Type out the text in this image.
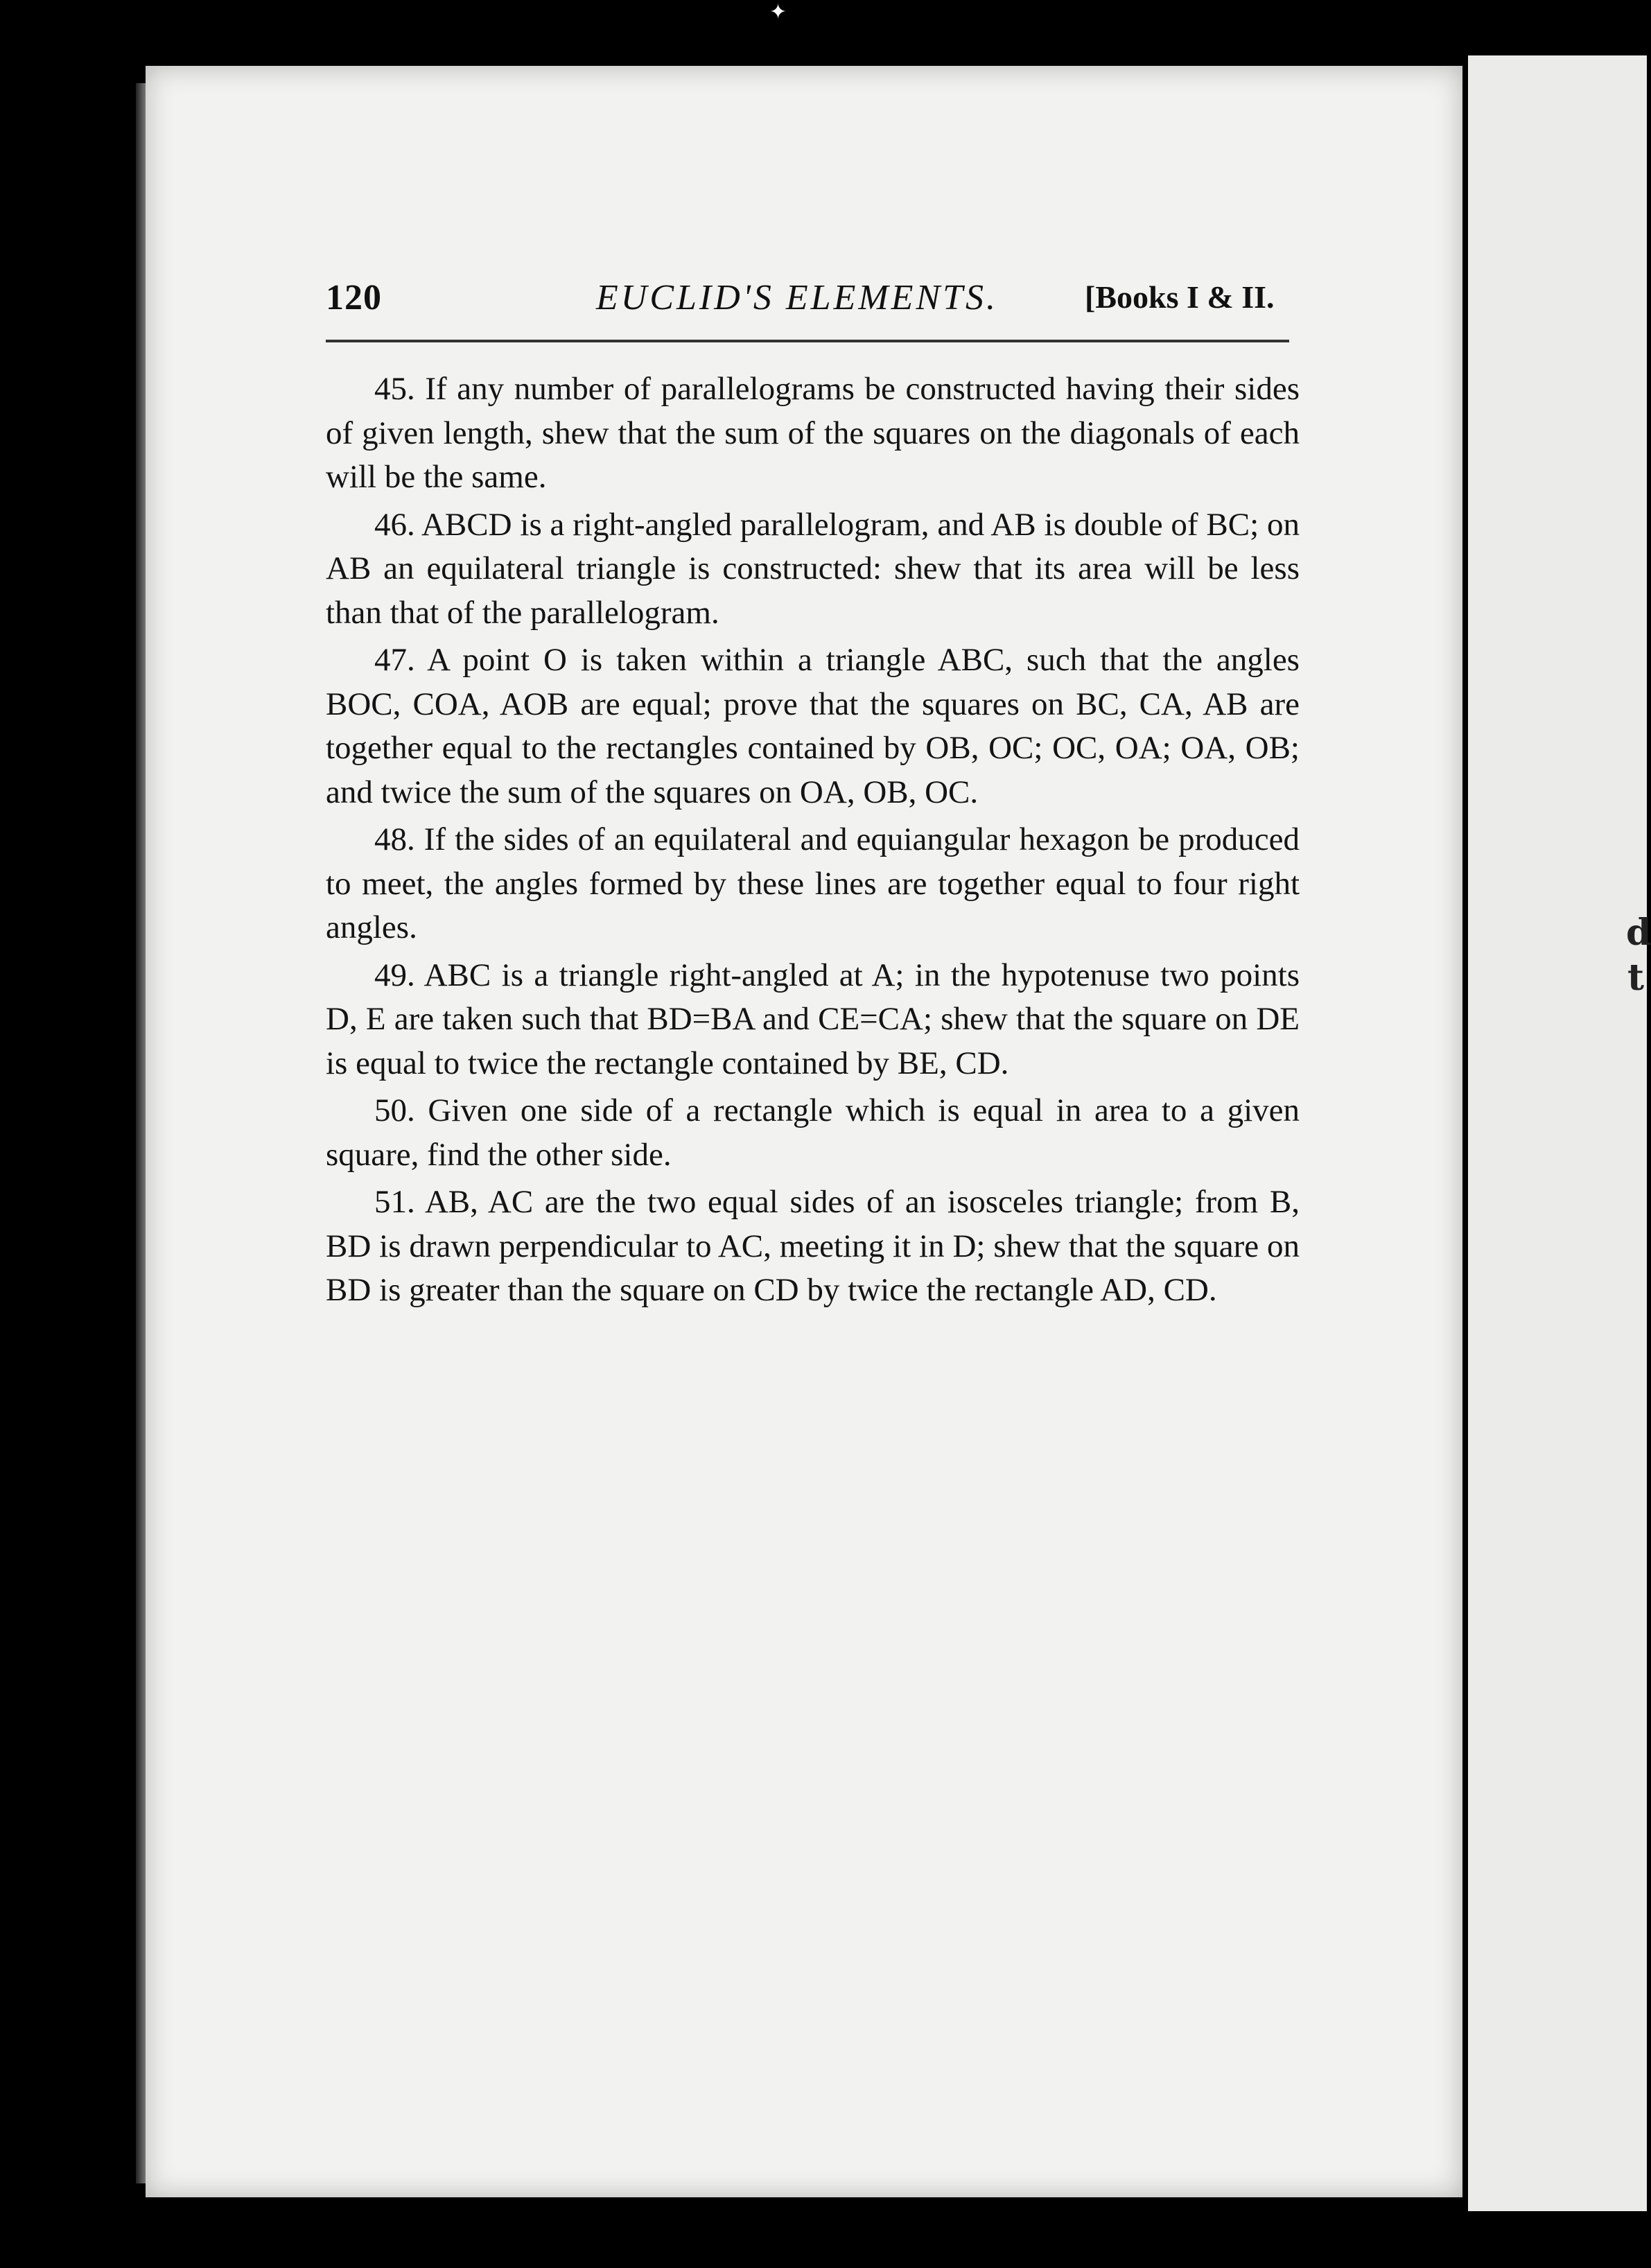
✦
d
t
120	EUCLID'S ELEMENTS.	[Books I & II.

45. If any number of parallelograms be constructed having their sides of given length, shew that the sum of the squares on the diagonals of each will be the same.

46. ABCD is a right-angled parallelogram, and AB is double of BC; on AB an equilateral triangle is constructed: shew that its area will be less than that of the parallelogram.

47. A point O is taken within a triangle ABC, such that the angles BOC, COA, AOB are equal; prove that the squares on BC, CA, AB are together equal to the rectangles contained by OB, OC; OC, OA; OA, OB; and twice the sum of the squares on OA, OB, OC.

48. If the sides of an equilateral and equiangular hexagon be produced to meet, the angles formed by these lines are together equal to four right angles.

49. ABC is a triangle right-angled at A; in the hypotenuse two points D, E are taken such that BD=BA and CE=CA; shew that the square on DE is equal to twice the rectangle contained by BE, CD.

50. Given one side of a rectangle which is equal in area to a given square, find the other side.

51. AB, AC are the two equal sides of an isosceles triangle; from B, BD is drawn perpendicular to AC, meeting it in D; shew that the square on BD is greater than the square on CD by twice the rectangle AD, CD.
